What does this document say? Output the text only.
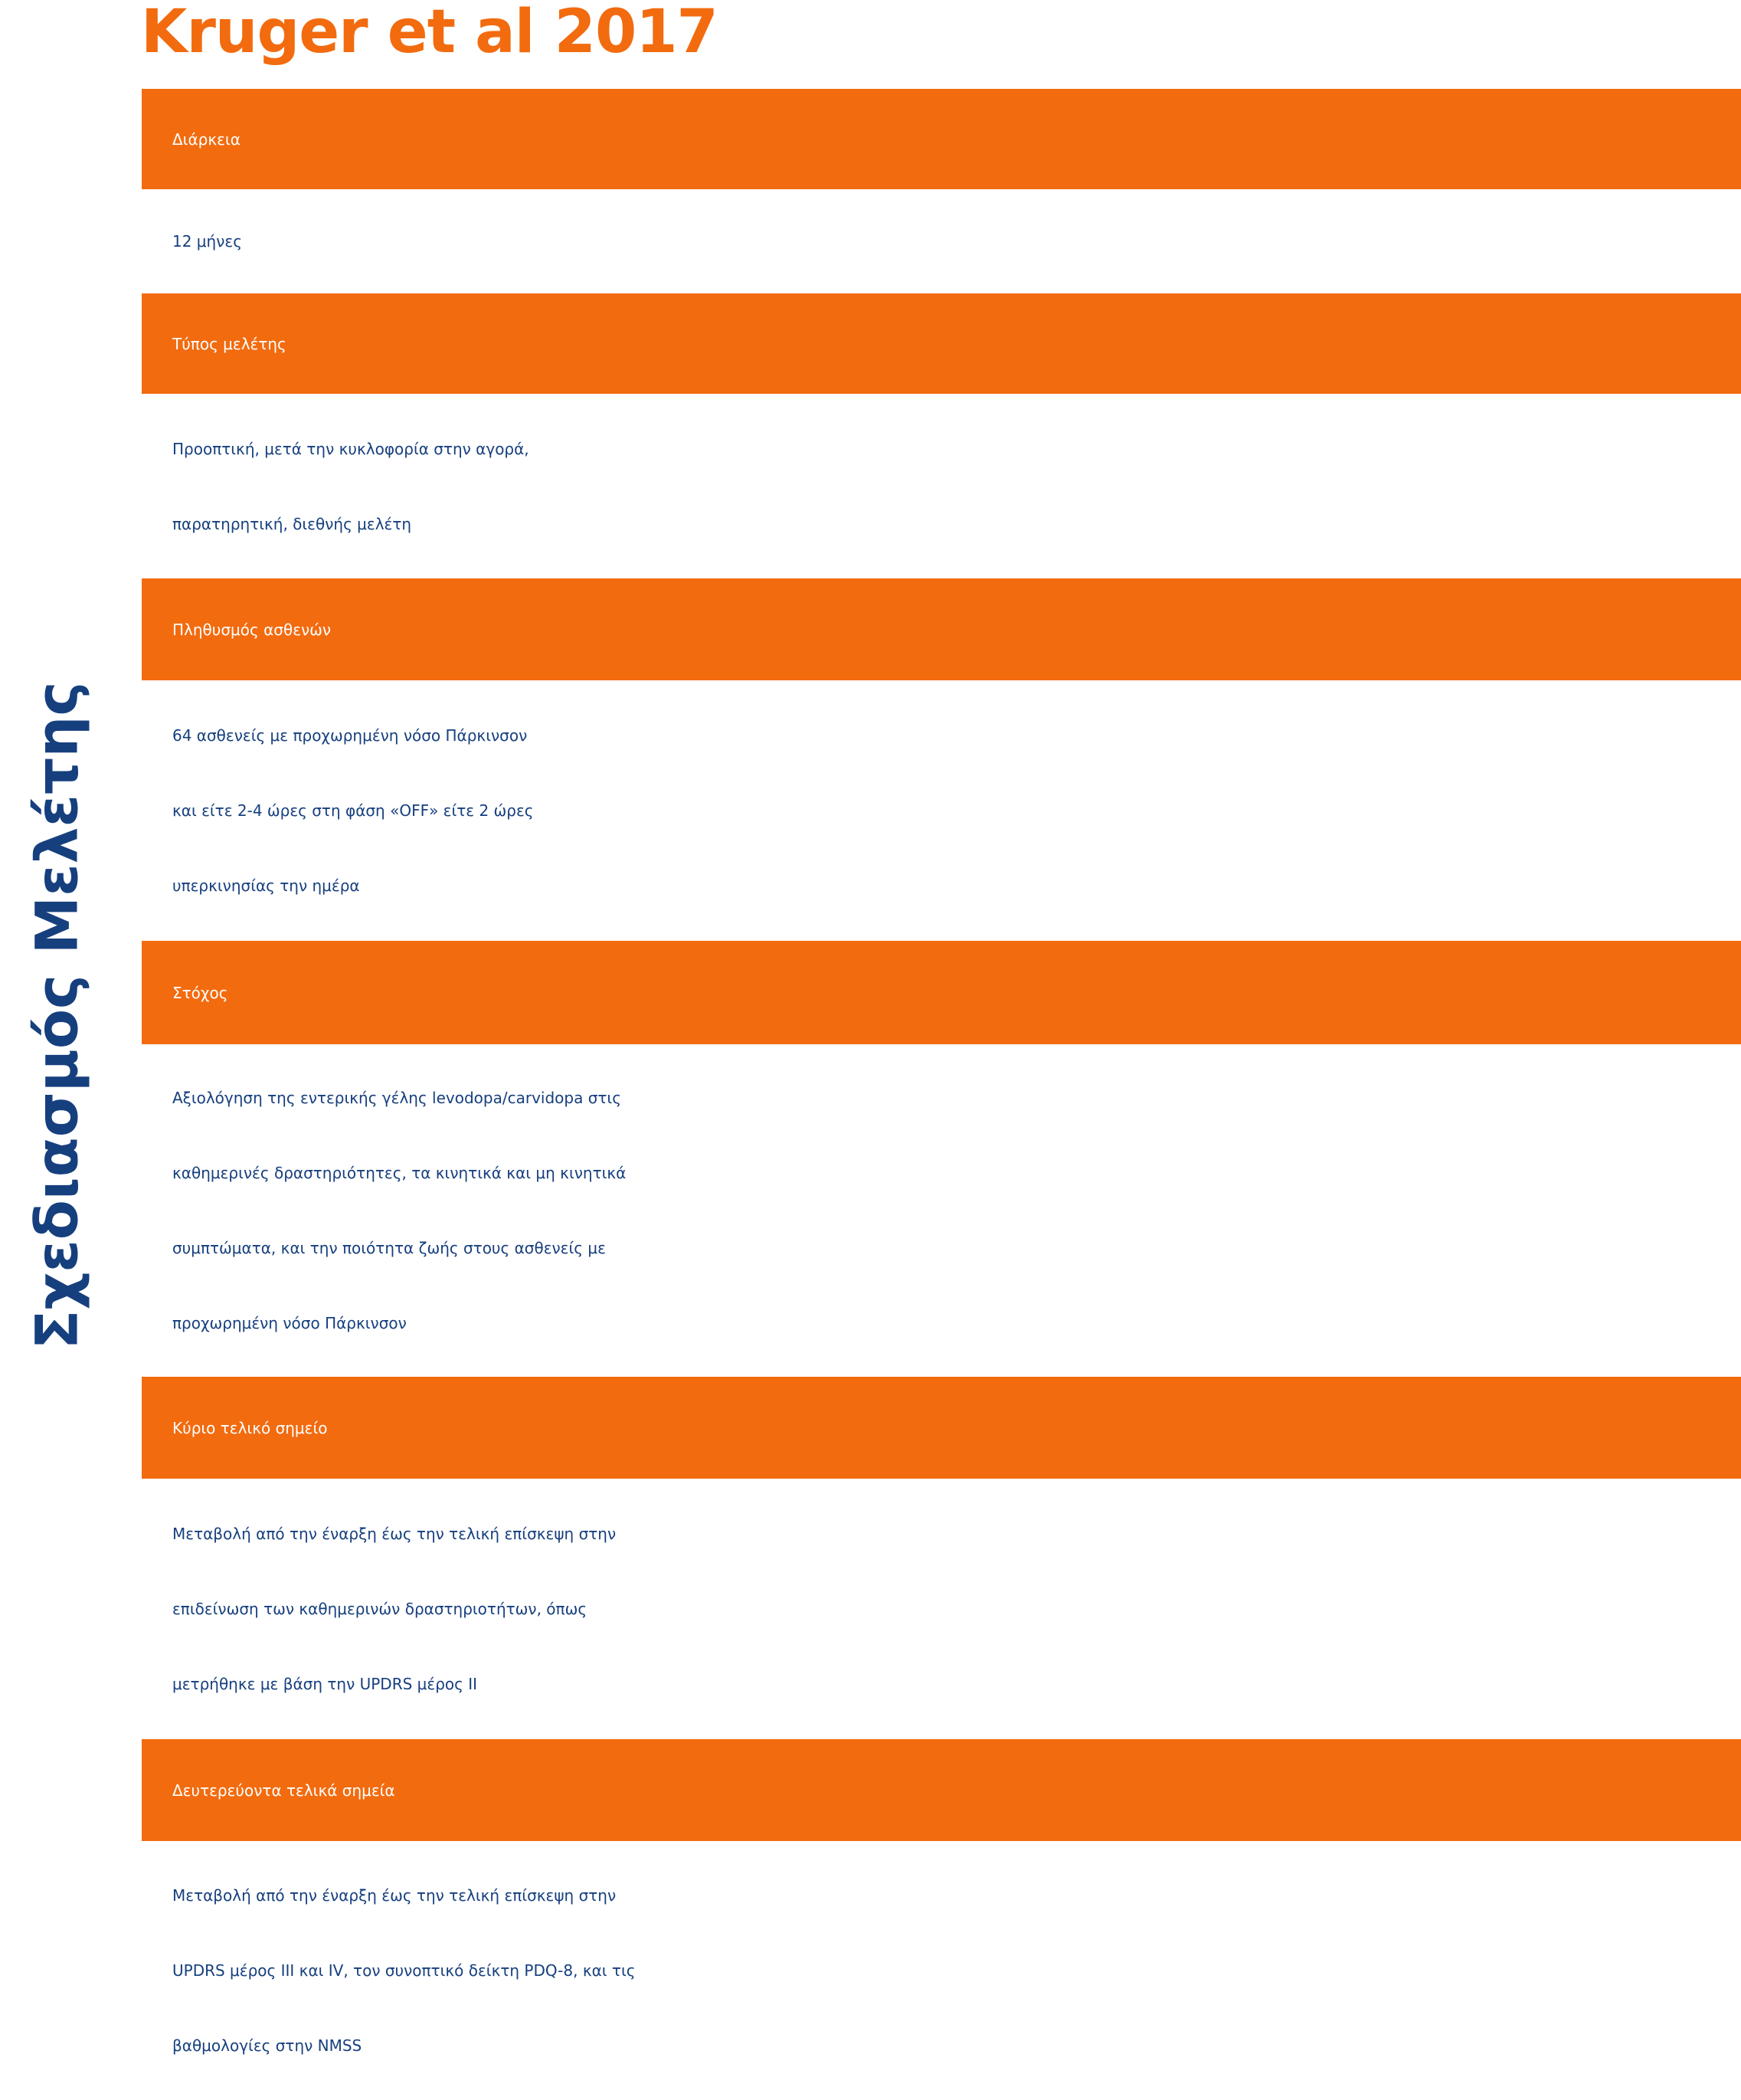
Kruger et al 2017
Σχεδιασμός Μελέτης
Διάρκεια
12 μήνες
Τύπος μελέτης
Προοπτική, μετά την κυκλοφορία στην αγορά,
παρατηρητική, διεθνής μελέτη
Πληθυσμός ασθενών
64 ασθενείς με προχωρημένη νόσο Πάρκινσον
και είτε 2-4 ώρες στη φάση «OFF» είτε 2 ώρες
υπερκινησίας την ημέρα
Στόχος
Αξιολόγηση της εντερικής γέλης levodopa/carvidopa στις
καθημερινές δραστηριότητες, τα κινητικά και μη κινητικά
συμπτώματα, και την ποιότητα ζωής στους ασθενείς με
προχωρημένη νόσο Πάρκινσον
Κύριο τελικό σημείο
Μεταβολή από την έναρξη έως την τελική επίσκεψη στην
επιδείνωση των καθημερινών δραστηριοτήτων, όπως
μετρήθηκε με βάση την UPDRS μέρος II
Δευτερεύοντα τελικά σημεία
Μεταβολή από την έναρξη έως την τελική επίσκεψη στην
UPDRS μέρος III και IV, τον συνοπτικό δείκτη PDQ-8, και τις
βαθμολογίες στην NMSS
